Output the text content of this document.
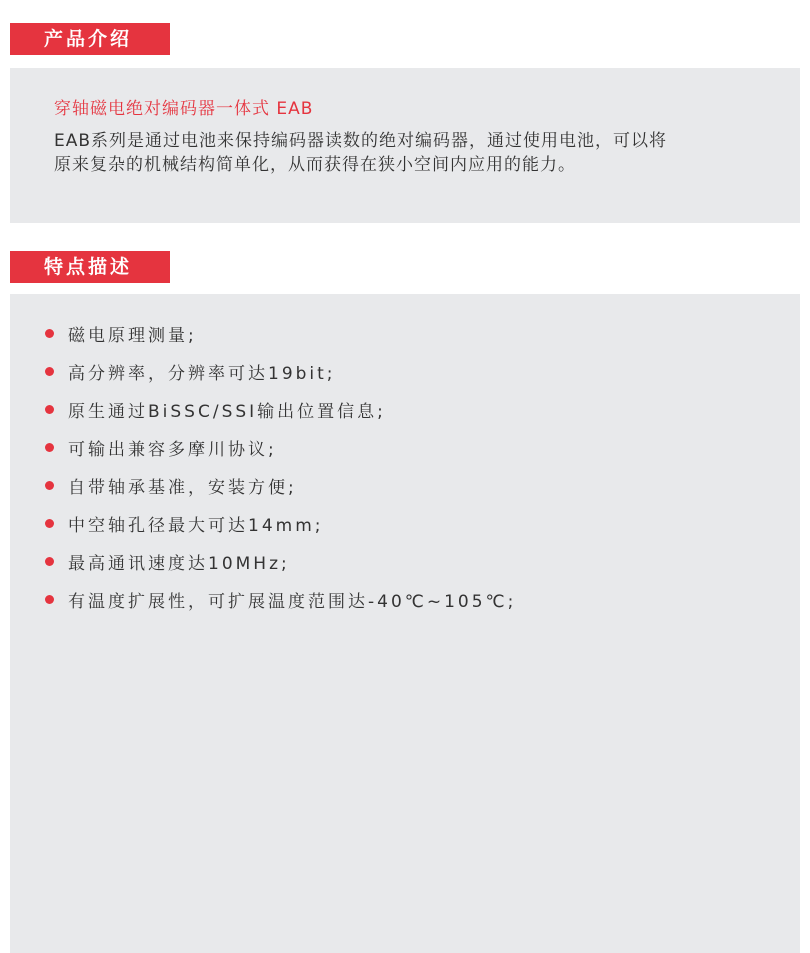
产品介绍

穿轴磁电绝对编码器一体式 EAB

EAB系列是通过电池来保持编码器读数的绝对编码器，通过使用电池，可以将
原来复杂的机械结构简单化，从而获得在狭小空间内应用的能力。

特点描述
磁电原理测量;
高分辨率，分辨率可达19bit;
原生通过BiSSC/SSI输出位置信息;
可输出兼容多摩川协议;
自带轴承基准，安装方便;
中空轴孔径最大可达14mm;
最高通讯速度达10MHz;
有温度扩展性，可扩展温度范围达-40℃~105℃;
